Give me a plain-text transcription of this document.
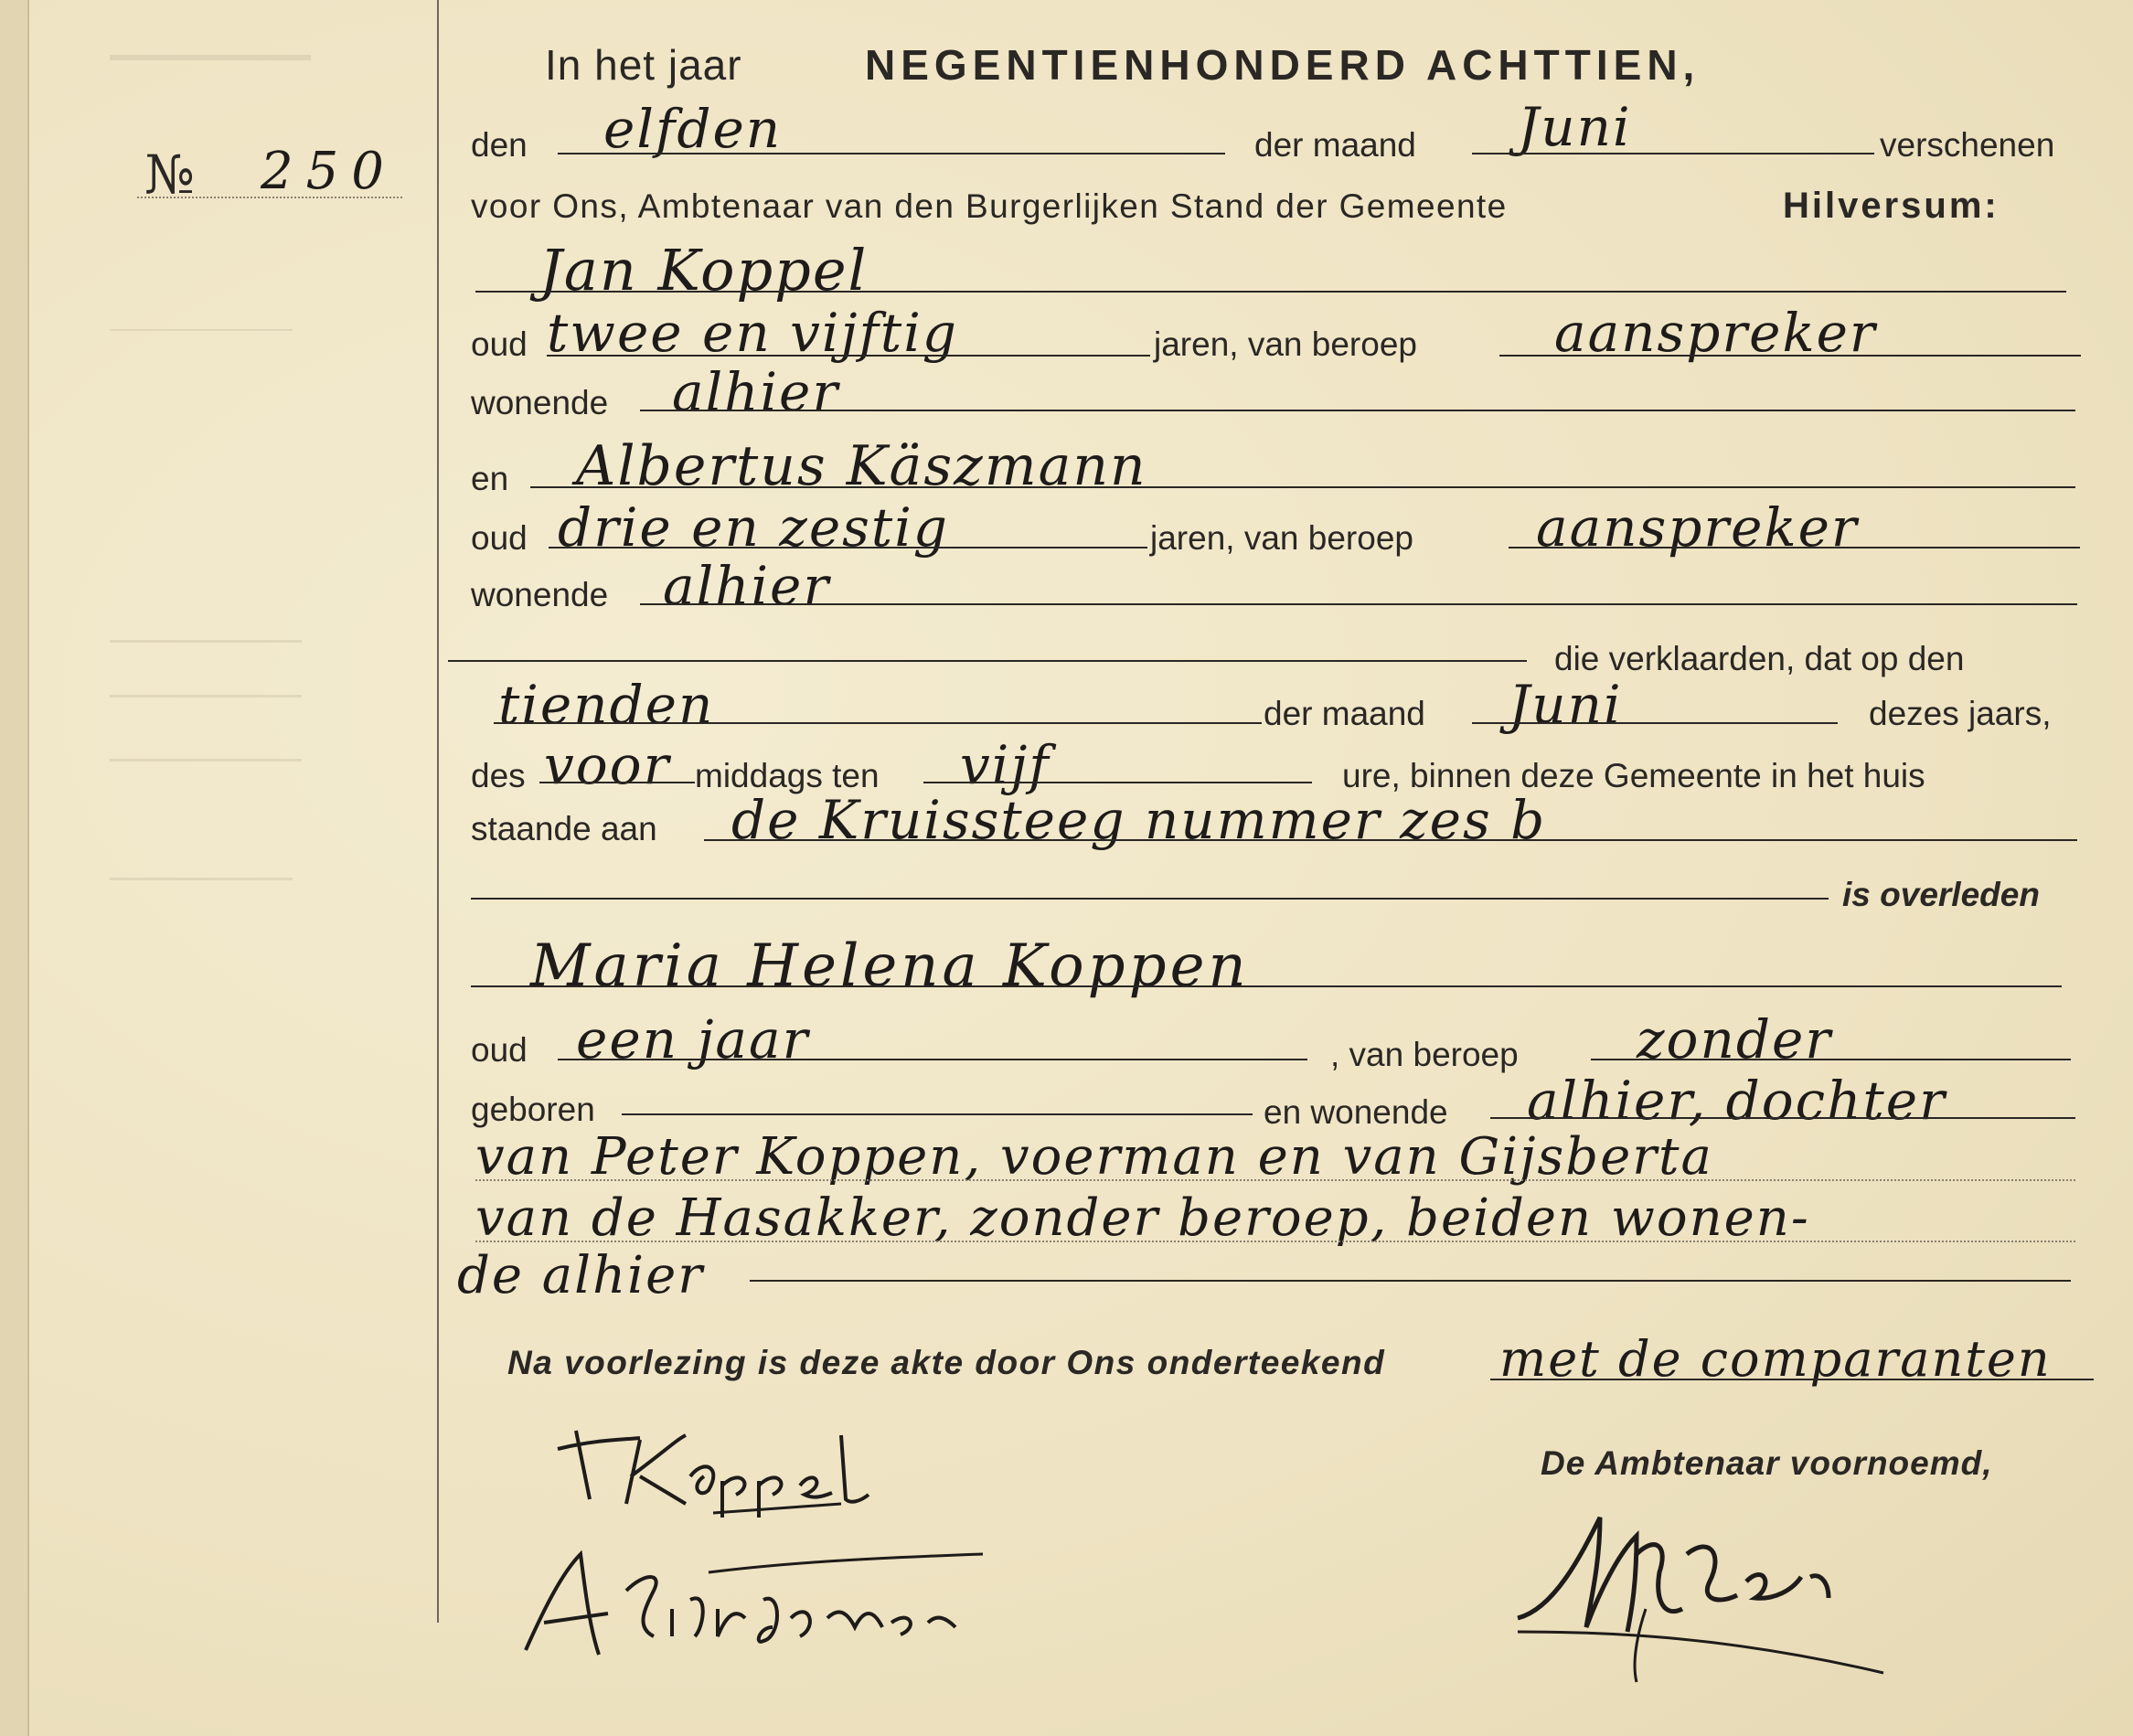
№ 250
In het jaar	NEGENTIENHONDERD ACHTTIEN,
den elfden	der maand Juni	verschenen
voor Ons, Ambtenaar van den Burgerlijken Stand der Gemeente	Hilversum:
Jan Koppel
oud twee en vijftig	jaren, van beroep	aanspreker
wonende alhier
en Albertus Käszmann
oud drie en zestig	jaren, van beroep aanspreker
wonende alhier
die verklaarden, dat op den
tienden	der maand Juni	dezes jaars,
des voor middags ten vijf	ure, binnen deze Gemeente in het huis
staande aan de Kruissteeg nummer zes b
is overleden
Maria Helena Koppen
oud een jaar	, van beroep zonder
geboren	en wonende alhier, dochter
van Peter Koppen, voerman en van Gijsberta
van de Hasakker, zonder beroep, beiden wonen-
de alhier
Na voorlezing is deze akte door Ons onderteekend met de comparanten
De Ambtenaar voornoemd,
